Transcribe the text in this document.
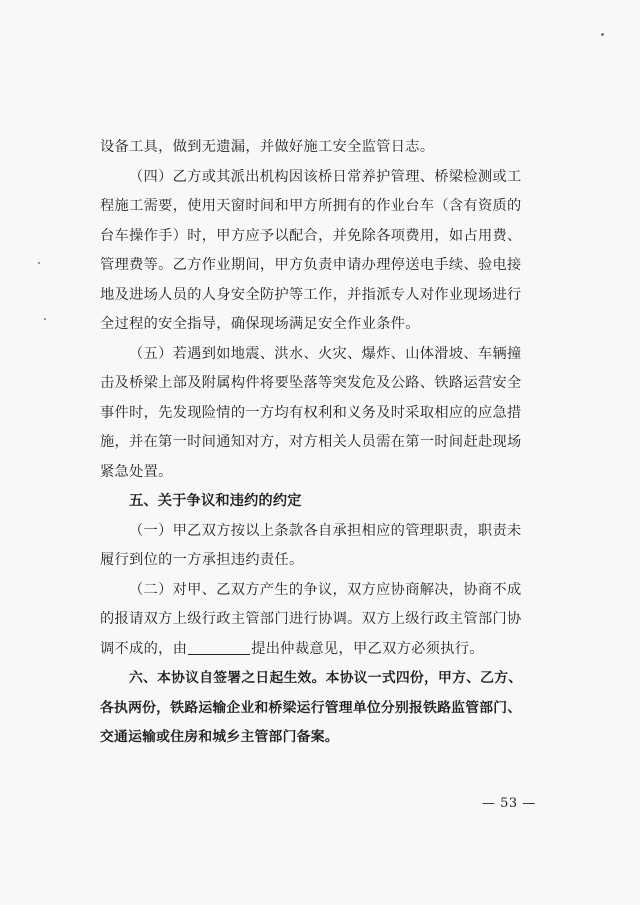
设备工具，做到无遗漏，并做好施工安全监管日志。
（四）乙方或其派出机构因该桥日常养护管理、桥梁检测或工
程施工需要，使用天窗时间和甲方所拥有的作业台车（含有资质的
台车操作手）时，甲方应予以配合，并免除各项费用，如占用费、
管理费等。乙方作业期间，甲方负责申请办理停送电手续、验电接
地及进场人员的人身安全防护等工作，并指派专人对作业现场进行
全过程的安全指导，确保现场满足安全作业条件。
（五）若遇到如地震、洪水、火灾、爆炸、山体滑坡、车辆撞
击及桥梁上部及附属构件将要坠落等突发危及公路、铁路运营安全
事件时，先发现险情的一方均有权利和义务及时采取相应的应急措
施，并在第一时间通知对方，对方相关人员需在第一时间赶赴现场
紧急处置。
五、关于争议和违约的约定
（一）甲乙双方按以上条款各自承担相应的管理职责，职责未
履行到位的一方承担违约责任。
（二）对甲、乙双方产生的争议，双方应协商解决，协商不成
的报请双方上级行政主管部门进行协调。双方上级行政主管部门协
调不成的，由	提出仲裁意见，甲乙双方必须执行。
六、本协议自签署之日起生效。本协议一式四份，甲方、乙方、
各执两份，铁路运输企业和桥梁运行管理单位分别报铁路监管部门、
交通运输或住房和城乡主管部门备案。
— 53 —
